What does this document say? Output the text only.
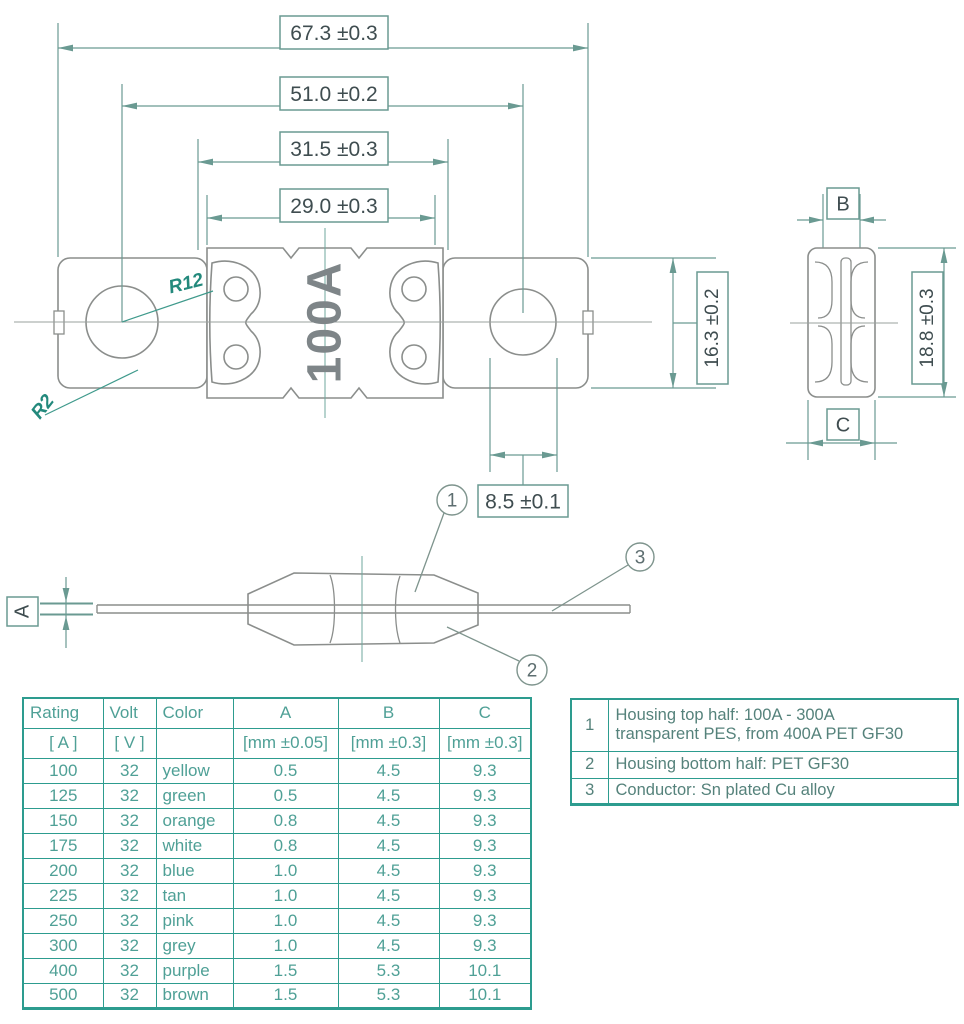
100A
R12
R2
67.3 ±0.3
51.0 ±0.2
31.5 ±0.3
29.0 ±0.3
16.3 ±0.2
8.5 ±0.1
B
18.8 ±0.3
C
A
1
2
3
Rating	Volt	Color	A	B	C
[ A ]	[ V ]		[mm ±0.05]	[mm ±0.3]	[mm ±0.3]
100	32	yellow	0.5	4.5	9.3
125	32	green	0.5	4.5	9.3
150	32	orange	0.8	4.5	9.3
175	32	white	0.8	4.5	9.3
200	32	blue	1.0	4.5	9.3
225	32	tan	1.0	4.5	9.3
250	32	pink	1.0	4.5	9.3
300	32	grey	1.0	4.5	9.3
400	32	purple	1.5	5.3	10.1
500	32	brown	1.5	5.3	10.1
1	Housing top half: 100A - 300A
transparent PES, from 400A PET GF30

2	Housing bottom half: PET GF30
3	Conductor: Sn plated Cu alloy
